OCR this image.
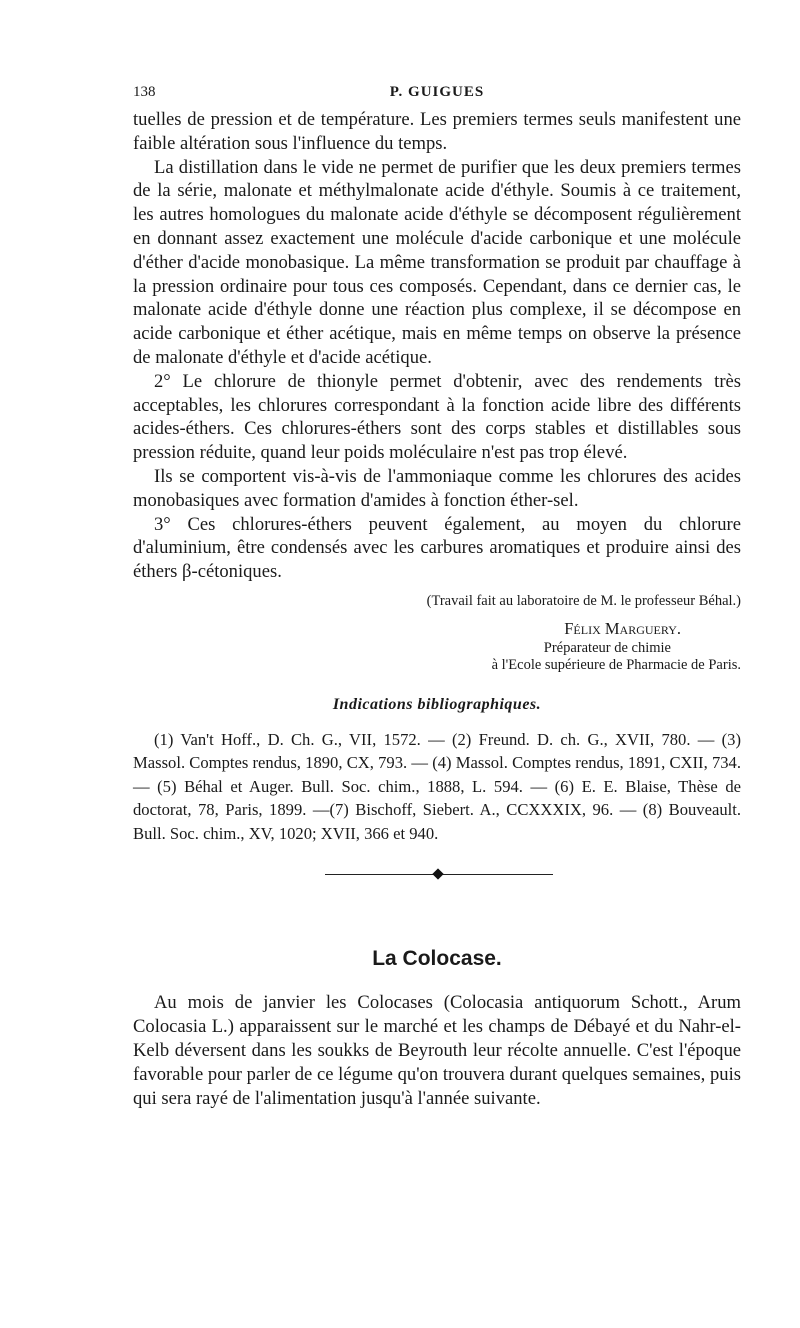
138	P. GUIGUES

tuelles de pression et de température. Les premiers termes seuls manifestent une faible altération sous l'influence du temps.

La distillation dans le vide ne permet de purifier que les deux premiers termes de la série, malonate et méthylmalonate acide d'éthyle. Soumis à ce traitement, les autres homologues du malonate acide d'éthyle se décomposent régulièrement en donnant assez exactement une molécule d'acide carbonique et une molécule d'éther d'acide monobasique. La même transformation se produit par chauffage à la pression ordinaire pour tous ces composés. Cependant, dans ce dernier cas, le malonate acide d'éthyle donne une réaction plus complexe, il se décompose en acide carbonique et éther acétique, mais en même temps on observe la présence de malonate d'éthyle et d'acide acétique.

2° Le chlorure de thionyle permet d'obtenir, avec des rendements très acceptables, les chlorures correspondant à la fonction acide libre des différents acides-éthers. Ces chlorures-éthers sont des corps stables et distillables sous pression réduite, quand leur poids moléculaire n'est pas trop élevé.

Ils se comportent vis-à-vis de l'ammoniaque comme les chlorures des acides monobasiques avec formation d'amides à fonction éther-sel.

3° Ces chlorures-éthers peuvent également, au moyen du chlorure d'aluminium, être condensés avec les carbures aromatiques et produire ainsi des éthers β-cétoniques.

(Travail fait au laboratoire de M. le professeur Béhal.)
Félix Marguery.
Préparateur de chimie
à l'Ecole supérieure de Pharmacie de Paris.
Indications bibliographiques.

(1) Van't Hoff., D. Ch. G., VII, 1572. — (2) Freund. D. ch. G., XVII, 780. — (3) Massol. Comptes rendus, 1890, CX, 793. — (4) Massol. Comptes rendus, 1891, CXII, 734. — (5) Béhal et Auger. Bull. Soc. chim., 1888, L. 594. — (6) E. E. Blaise, Thèse de doctorat, 78, Paris, 1899. —(7) Bischoff, Siebert. A., CCXXXIX, 96. — (8) Bouveault. Bull. Soc. chim., XV, 1020; XVII, 366 et 940.

La Colocase.

Au mois de janvier les Colocases (Colocasia antiquorum Schott., Arum Colocasia L.) apparaissent sur le marché et les champs de Débayé et du Nahr-el-Kelb déversent dans les soukks de Beyrouth leur récolte annuelle. C'est l'époque favorable pour parler de ce légume qu'on trouvera durant quelques semaines, puis qui sera rayé de l'alimentation jusqu'à l'année suivante.
